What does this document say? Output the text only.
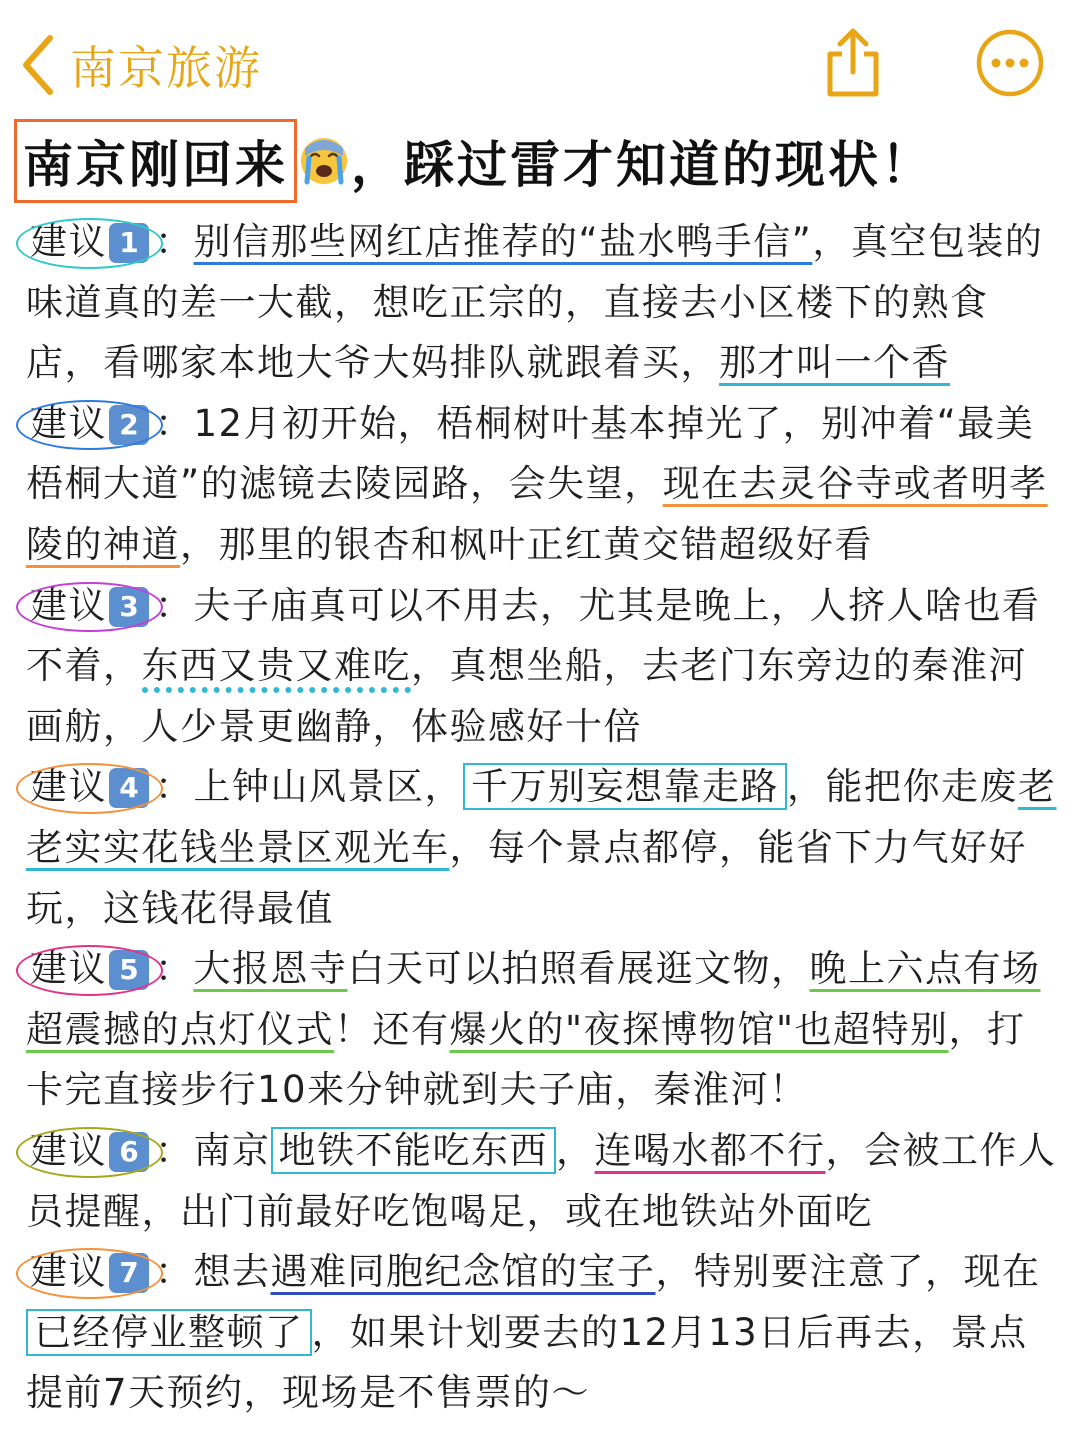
南京旅游
南京刚回来 ，踩过雷才知道的现状！

建议 1 ：别信那些网红店推荐的“盐水鸭手信”，真空包装的味道真的差一大截，想吃正宗的，直接去小区楼下的熟食店，看哪家本地大爷大妈排队就跟着买，那才叫一个香

建议 2 ：12月初开始，梧桐树叶基本掉光了，别冲着“最美梧桐大道”的滤镜去陵园路，会失望，现在去灵谷寺或者明孝陵的神道，那里的银杏和枫叶正红黄交错超级好看

建议 3 ：夫子庙真可以不用去，尤其是晚上，人挤人啥也看不着，东西又贵又难吃，真想坐船，去老门东旁边的秦淮河画舫，人少景更幽静，体验感好十倍

建议 4 ：上钟山风景区， 千万别妄想靠走路 ，能把你走废老老实实花钱坐景区观光车，每个景点都停，能省下力气好好玩，这钱花得最值

建议 5 ：大报恩寺白天可以拍照看展逛文物，晚上六点有场超震撼的点灯仪式！还有爆火的"夜探博物馆"也超特别，打卡完直接步行10来分钟就到夫子庙，秦淮河！

建议 6 ：南京 地铁不能吃东西 ，连喝水都不行，会被工作人员提醒，出门前最好吃饱喝足，或在地铁站外面吃

建议 7 ：想去遇难同胞纪念馆的宝子，特别要注意了，现在已经停业整顿了 ，如果计划要去的12月13日后再去，景点提前7天预约，现场是不售票的～
